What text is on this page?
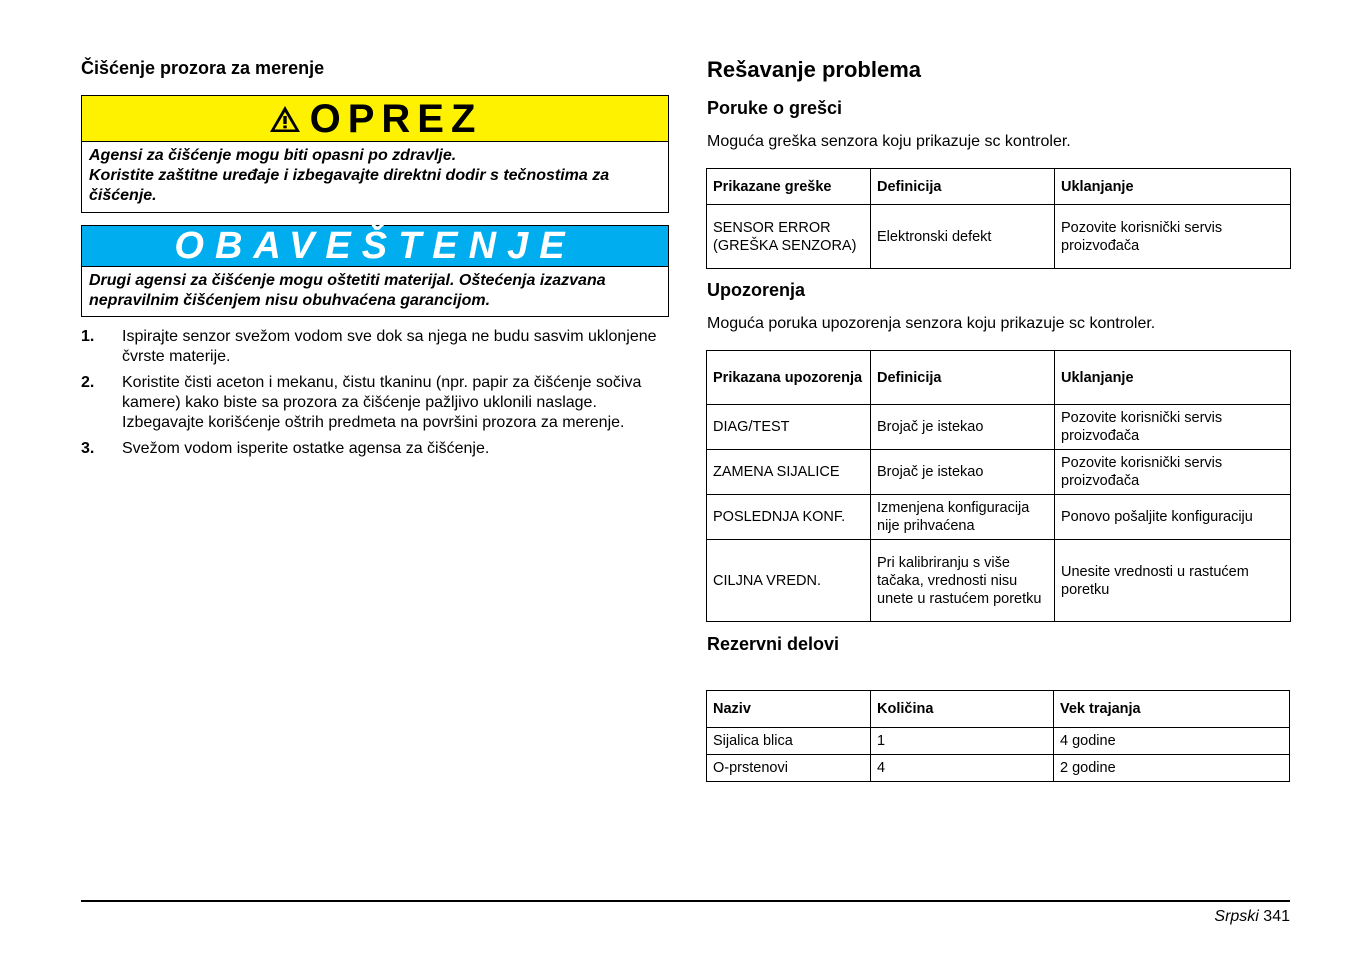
Čišćenje prozora za merenje
OPREZ
Agensi za čišćenje mogu biti opasni po zdravlje.
Koristite zaštitne uređaje i izbegavajte direktni dodir s tečnostima za čišćenje.
OBAVEŠTENJE
Drugi agensi za čišćenje mogu oštetiti materijal. Oštećenja izazvana nepravilnim čišćenjem nisu obuhvaćena garancijom.
1.	Ispirajte senzor svežom vodom sve dok sa njega ne budu sasvim uklonjene čvrste materije.
2.	Koristite čisti aceton i mekanu, čistu tkaninu (npr. papir za čišćenje sočiva kamere) kako biste sa prozora za čišćenje pažljivo uklonili naslage. Izbegavajte korišćenje oštrih predmeta na površini prozora za merenje.
3.	Svežom vodom isperite ostatke agensa za čišćenje.
Rešavanje problema
Poruke o grešci

Moguća greška senzora koju prikazuje sc kontroler.

Prikazane greške	Definicija	Uklanjanje
SENSOR ERROR (GREŠKA SENZORA)	Elektronski defekt	Pozovite korisnički servis proizvođača
Upozorenja

Moguća poruka upozorenja senzora koju prikazuje sc kontroler.

Prikazana upozorenja	Definicija	Uklanjanje
DIAG/TEST	Brojač je istekao	Pozovite korisnički servis proizvođača
ZAMENA SIJALICE	Brojač je istekao	Pozovite korisnički servis proizvođača
POSLEDNJA KONF.	Izmenjena konfiguracija nije prihvaćena	Ponovo pošaljite konfiguraciju
CILJNA VREDN.	Pri kalibriranju s više tačaka, vrednosti nisu unete u rastućem poretku	Unesite vrednosti u rastućem poretku
Rezervni delovi
Naziv	Količina	Vek trajanja
Sijalica blica	1	4 godine
O-prstenovi	4	2 godine
Srpski 341
